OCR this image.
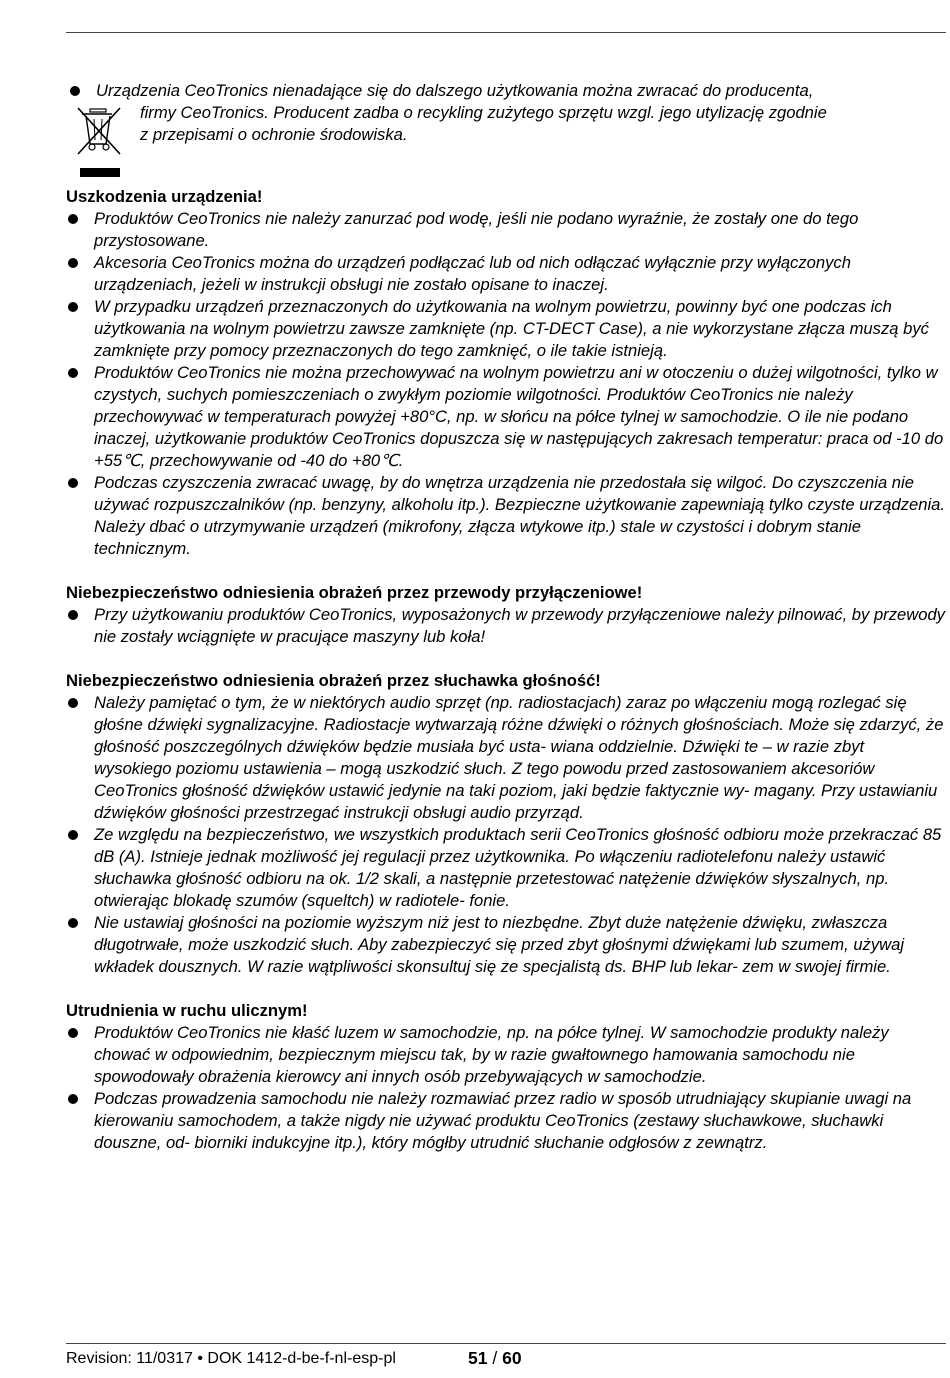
Urządzenia CeoTronics nienadające się do dalszego użytkowania można zwracać do producenta,

firmy CeoTronics. Producent zadba o recykling zużytego sprzętu wzgl. jego utylizację zgodnie

z przepisami o ochronie środowiska.

Uszkodzenia urządzenia!

Produktów CeoTronics nie należy zanurzać pod wodę, jeśli nie podano wyraźnie, że zostały one do tego przystosowane.

Akcesoria CeoTronics można do urządzeń podłączać lub od nich odłączać wyłącznie przy wyłączonych urządzeniach, jeżeli w instrukcji obsługi nie zostało opisane to inaczej.

W przypadku urządzeń przeznaczonych do użytkowania na wolnym powietrzu, powinny być one podczas ich użytkowania na wolnym powietrzu zawsze zamknięte (np. CT-DECT Case), a nie wykorzystane złącza muszą być zamknięte przy pomocy przeznaczonych do tego zamknięć, o ile takie istnieją.

Produktów CeoTronics nie można przechowywać na wolnym powietrzu ani w otoczeniu o dużej wilgotności, tylko w czystych, suchych pomieszczeniach o zwykłym poziomie wilgotności. Produktów CeoTronics nie należy przechowywać w temperaturach powyżej +80°C, np. w słońcu na półce tylnej w samochodzie. O ile nie podano inaczej, użytkowanie produktów CeoTronics dopuszcza się w następujących zakresach temperatur: praca od -10 do +55℃, przechowywanie od -40 do +80℃.

Podczas czyszczenia zwracać uwagę, by do wnętrza urządzenia nie przedostała się wilgoć. Do czyszczenia nie używać rozpuszczalników (np. benzyny, alkoholu itp.). Bezpieczne użytkowanie zapewniają tylko czyste urządzenia. Należy dbać o utrzymywanie urządzeń (mikrofony, złącza wtykowe itp.) stale w czystości i dobrym stanie technicznym.

Niebezpieczeństwo odniesienia obrażeń przez przewody przyłączeniowe!

Przy użytkowaniu produktów CeoTronics, wyposażonych w przewody przyłączeniowe należy pilnować, by przewody nie zostały wciągnięte w pracujące maszyny lub koła!

Niebezpieczeństwo odniesienia obrażeń przez słuchawka głośność!

Należy pamiętać o tym, że w niektórych audio sprzęt (np. radiostacjach) zaraz po włączeniu mogą rozlegać się głośne dźwięki sygnalizacyjne. Radiostacje wytwarzają różne dźwięki o różnych głośnościach. Może się zdarzyć, że głośność poszczególnych dźwięków będzie musiała być usta- wiana oddzielnie. Dźwięki te – w razie zbyt wysokiego poziomu ustawienia – mogą uszkodzić słuch. Z tego powodu przed zastosowaniem akcesoriów CeoTronics głośność dźwięków ustawić jedynie na taki poziom, jaki będzie faktycznie wy- magany. Przy ustawianiu dźwięków głośności przestrzegać instrukcji obsługi audio przyrząd.

Ze względu na bezpieczeństwo, we wszystkich produktach serii CeoTronics głośność odbioru może przekraczać 85 dB (A). Istnieje jednak możliwość jej regulacji przez użytkownika. Po włączeniu radiotelefonu należy ustawić słuchawka głośność odbioru na ok. 1/2 skali, a następnie przetestować natężenie dźwięków słyszalnych, np. otwierając blokadę szumów (squeltch) w radiotele- fonie.

Nie ustawiaj głośności na poziomie wyższym niż jest to niezbędne. Zbyt duże natężenie dźwięku, zwłaszcza długotrwałe, może uszkodzić słuch. Aby zabezpieczyć się przed zbyt głośnymi dźwiękami lub szumem, używaj wkładek dousznych. W razie wątpliwości skonsultuj się ze specjalistą ds. BHP lub lekar- zem w swojej firmie.

Utrudnienia w ruchu ulicznym!

Produktów CeoTronics nie kłaść luzem w samochodzie, np. na półce tylnej. W samochodzie produkty należy chować w odpowiednim, bezpiecznym miejscu tak, by w razie gwałtownego hamowania samochodu nie spowodowały obrażenia kierowcy ani innych osób przebywających w samochodzie.

Podczas prowadzenia samochodu nie należy rozmawiać przez radio w sposób utrudniający skupianie uwagi na kierowaniu samochodem, a także nigdy nie używać produktu CeoTronics (zestawy słuchawkowe, słuchawki douszne, od- biorniki indukcyjne itp.), który mógłby utrudnić słuchanie odgłosów z zewnątrz.

Revision: 11/0317 • DOK 1412-d-be-f-nl-esp-pl	51 / 60
